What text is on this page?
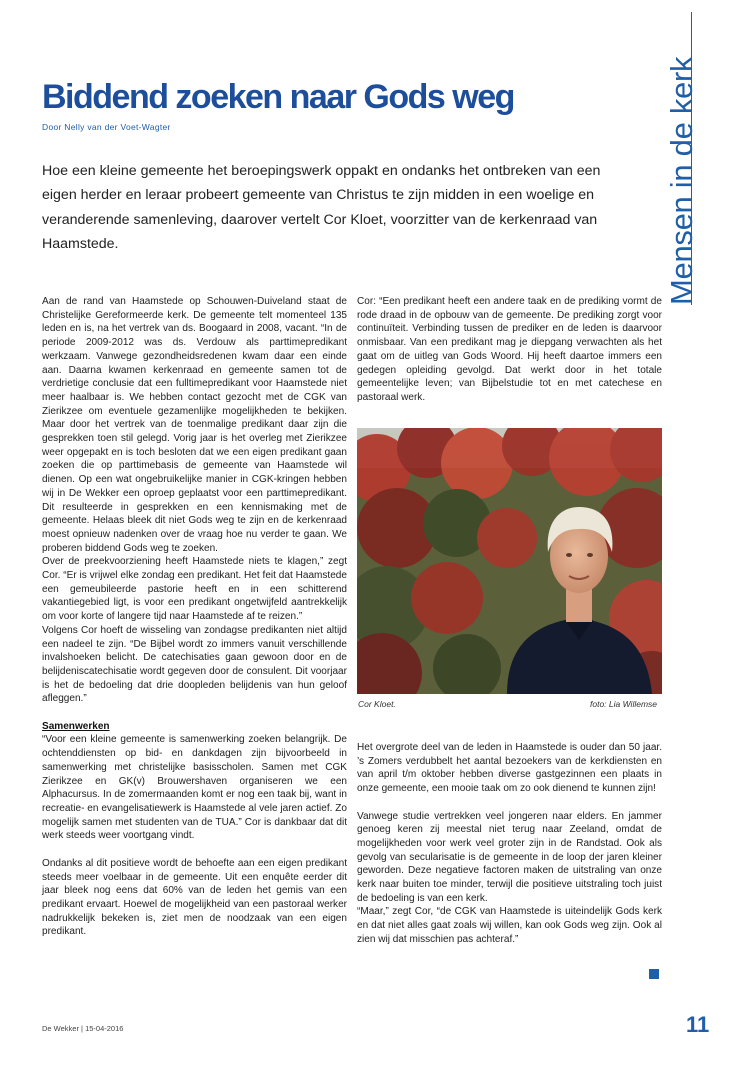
Mensen in de kerk
Biddend zoeken naar Gods weg
Door Nelly van der Voet-Wagter
Hoe een kleine gemeente het beroepingswerk oppakt en ondanks het ontbreken van een eigen herder en leraar probeert gemeente van Christus te zijn midden in een woelige en veranderende samenleving, daarover vertelt Cor Kloet, voorzitter van de kerkenraad van Haamstede.

Aan de rand van Haamstede op Schouwen-Duiveland staat de Christelijke Gereformeerde kerk. De gemeente telt momenteel 135 leden en is, na het vertrek van ds. Boogaard in 2008, vacant. “In de periode 2009-2012 was ds. Verdouw als parttimepredikant werkzaam. Vanwege gezondheidsredenen kwam daar een einde aan. Daarna kwamen kerkenraad en gemeente samen tot de verdrietige conclusie dat een fulltimepredikant voor Haamstede niet meer haalbaar is. We hebben contact gezocht met de CGK van Zierikzee om eventuele gezamenlijke mogelijkheden te bekijken. Maar door het vertrek van de toenmalige predikant daar zijn die gesprekken toen stil gelegd. Vorig jaar is het overleg met Zierikzee weer opgepakt en is toch besloten dat we een eigen predikant gaan zoeken die op parttimebasis de gemeente van Haamstede wil dienen. Op een wat ongebruikelijke manier in CGK-kringen hebben wij in De Wekker een oproep geplaatst voor een parttimepredikant. Dit resulteerde in gesprekken en een kennismaking met de gemeente. Helaas bleek dit niet Gods weg te zijn en de kerkenraad moest opnieuw nadenken over de vraag hoe nu verder te gaan. We proberen biddend Gods weg te zoeken.

Over de preekvoorziening heeft Haamstede niets te klagen,” zegt Cor. “Er is vrijwel elke zondag een predikant. Het feit dat Haamstede een gemeubileerde pastorie heeft en in een schitterend vakantiegebied ligt, is voor een predikant ongetwijfeld aantrekkelijk om voor korte of langere tijd naar Haamstede af te reizen.”

Volgens Cor hoeft de wisseling van zondagse predikanten niet altijd een nadeel te zijn. “De Bijbel wordt zo immers vanuit verschillende invalshoeken belicht. De catechisaties gaan gewoon door en de belijdeniscatechisatie wordt gegeven door de consulent. Dit voorjaar is het de bedoeling dat drie doopleden belijdenis van hun geloof afleggen.”

Samenwerken

“Voor een kleine gemeente is samenwerking zoeken belangrijk. De ochtenddiensten op bid- en dankdagen zijn bijvoorbeeld in samenwerking met christelijke basisscholen. Samen met CGK Zierikzee en GK(v) Brouwershaven organiseren we een Alphacursus. In de zomermaanden komt er nog een taak bij, want in recreatie- en evangelisatiewerk is Haamstede al vele jaren actief. Zo mogelijk samen met studenten van de TUA.” Cor is dankbaar dat dit werk steeds weer voortgang vindt.

Ondanks al dit positieve wordt de behoefte aan een eigen predikant steeds meer voelbaar in de gemeente. Uit een enquête eerder dit jaar bleek nog eens dat 60% van de leden het gemis van een predikant ervaart. Hoewel de mogelijkheid van een pastoraal werker nadrukkelijk bekeken is, ziet men de noodzaak van een eigen predikant.

Cor: “Een predikant heeft een andere taak en de prediking vormt de rode draad in de opbouw van de gemeente. De prediking zorgt voor continuïteit. Verbinding tussen de prediker en de leden is daarvoor onmisbaar. Van een predikant mag je diepgang verwachten als het gaat om de uitleg van Gods Woord. Hij heeft daartoe immers een gedegen opleiding gevolgd. Dat werkt door in het totale gemeentelijke leven; van Bijbelstudie tot en met catechese en pastoraal werk.

Cor Kloet.	foto: Lia Willemse

Het overgrote deel van de leden in Haamstede is ouder dan 50 jaar. ’s Zomers verdubbelt het aantal bezoekers van de kerkdiensten en van april t/m oktober hebben diverse gastgezinnen een plaats in onze gemeente, een mooie taak om zo ook dienend te kunnen zijn!

Vanwege studie vertrekken veel jongeren naar elders. En jammer genoeg keren zij meestal niet terug naar Zeeland, omdat de mogelijkheden voor werk veel groter zijn in de Randstad. Ook als gevolg van secularisatie is de gemeente in de loop der jaren kleiner geworden. Deze negatieve factoren maken de uitstraling van onze kerk naar buiten toe minder, terwijl die positieve uitstraling toch juist de bedoeling is van een kerk.

“Maar,” zegt Cor, “de CGK van Haamstede is uiteindelijk Gods kerk en dat niet alles gaat zoals wij willen, kan ook Gods weg zijn. Ook al zien wij dat misschien pas achteraf.”

De Wekker | 15-04-2016	11
